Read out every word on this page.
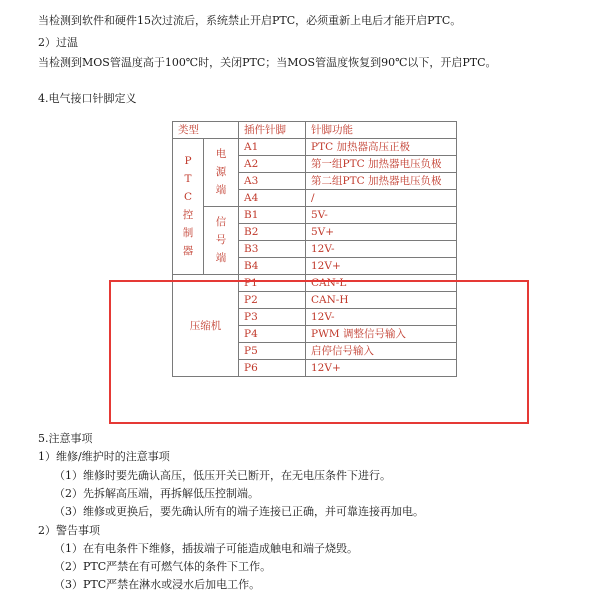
当检测到软件和硬件15次过流后，系统禁止开启PTC，必须重新上电后才能开启PTC。
2）过温
当检测到MOS管温度高于100℃时，关闭PTC；当MOS管温度恢复到90℃以下，开启PTC。
4.电气接口针脚定义
类型		插件针脚	针脚功能
PTC控制器	电源端	A1	PTC 加热器高压正极
		A2	第一组PTC 加热器电压负极
		A3	第二组PTC 加热器电压负极
		A4	/
	信号端	B1	5V-
		B2	5V+
		B3	12V-
		B4	12V+
压缩机		P1	CAN-L
		P2	CAN-H
		P3	12V-
		P4	PWM 调整信号输入
		P5	启停信号输入
		P6	12V+
5.注意事项
1）维修/维护时的注意事项
（1）维修时要先确认高压，低压开关已断开，在无电压条件下进行。
（2）先拆解高压端，再拆解低压控制端。
（3）维修或更换后，要先确认所有的端子连接已正确，并可靠连接再加电。
2）警告事项
（1）在有电条件下维修，插拔端子可能造成触电和端子烧毁。
（2）PTC严禁在有可燃气体的条件下工作。
（3）PTC严禁在淋水或浸水后加电工作。
